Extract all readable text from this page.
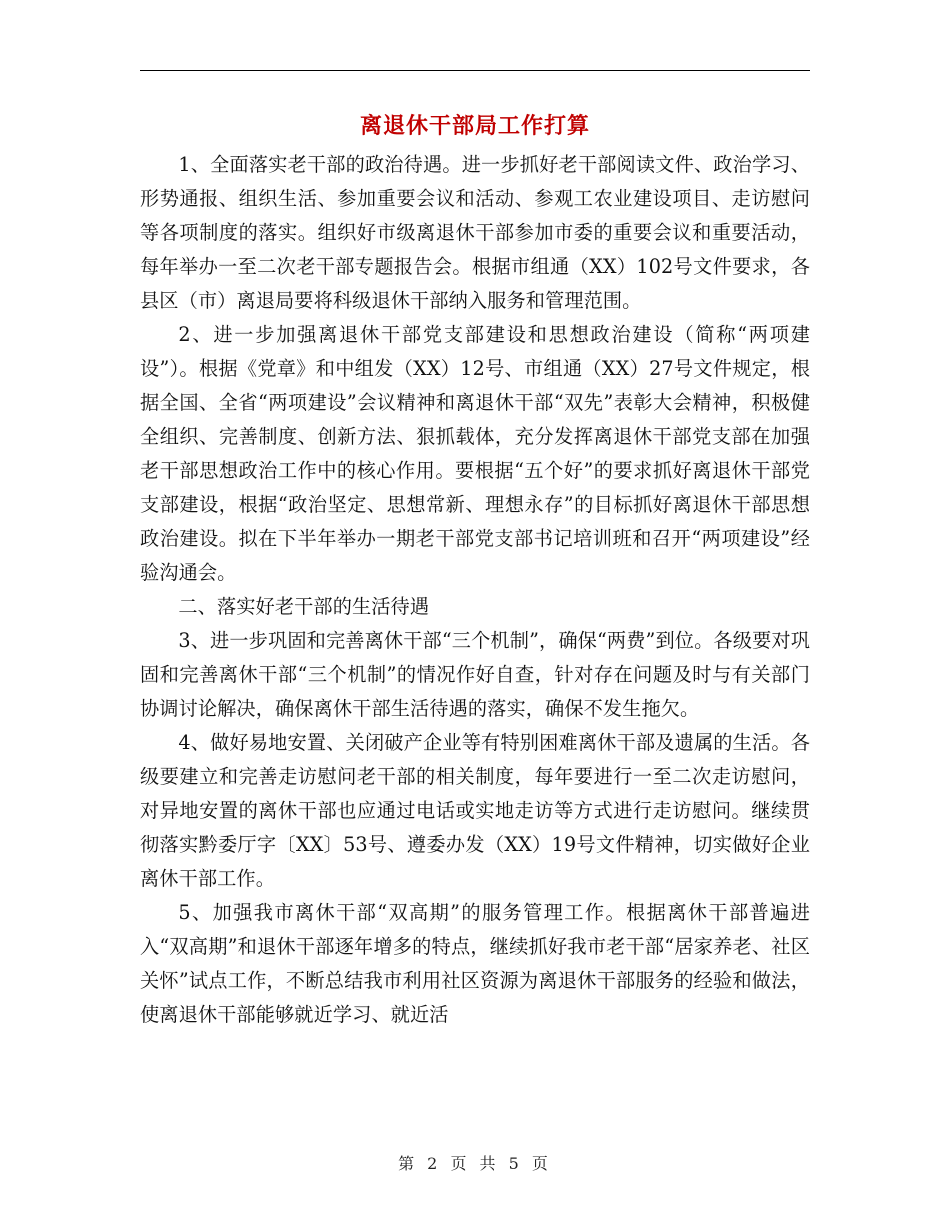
离退休干部局工作打算

1、全面落实老干部的政治待遇。进一步抓好老干部阅读文件、政治学习、形势通报、组织生活、参加重要会议和活动、参观工农业建设项目、走访慰问等各项制度的落实。组织好市级离退休干部参加市委的重要会议和重要活动，每年举办一至二次老干部专题报告会。根据市组通（XX）102号文件要求，各县区（市）离退局要将科级退休干部纳入服务和管理范围。

2、进一步加强离退休干部党支部建设和思想政治建设（简称“两项建设”）。根据《党章》和中组发（XX）12号、市组通（XX）27号文件规定，根据全国、全省“两项建设”会议精神和离退休干部“双先”表彰大会精神，积极健全组织、完善制度、创新方法、狠抓载体，充分发挥离退休干部党支部在加强老干部思想政治工作中的核心作用。要根据“五个好”的要求抓好离退休干部党支部建设，根据“政治坚定、思想常新、理想永存”的目标抓好离退休干部思想政治建设。拟在下半年举办一期老干部党支部书记培训班和召开“两项建设”经验沟通会。

二、落实好老干部的生活待遇

3、进一步巩固和完善离休干部“三个机制”，确保“两费”到位。各级要对巩固和完善离休干部“三个机制”的情况作好自查，针对存在问题及时与有关部门协调讨论解决，确保离休干部生活待遇的落实，确保不发生拖欠。

4、做好易地安置、关闭破产企业等有特别困难离休干部及遗属的生活。各级要建立和完善走访慰问老干部的相关制度，每年要进行一至二次走访慰问，对异地安置的离休干部也应通过电话或实地走访等方式进行走访慰问。继续贯彻落实黔委厅字〔XX〕53号、遵委办发（XX）19号文件精神，切实做好企业离休干部工作。

5、加强我市离休干部“双高期”的服务管理工作。根据离休干部普遍进入“双高期”和退休干部逐年增多的特点，继续抓好我市老干部“居家养老、社区关怀”试点工作，不断总结我市利用社区资源为离退休干部服务的经验和做法，使离退休干部能够就近学习、就近活

第 2 页 共 5 页
